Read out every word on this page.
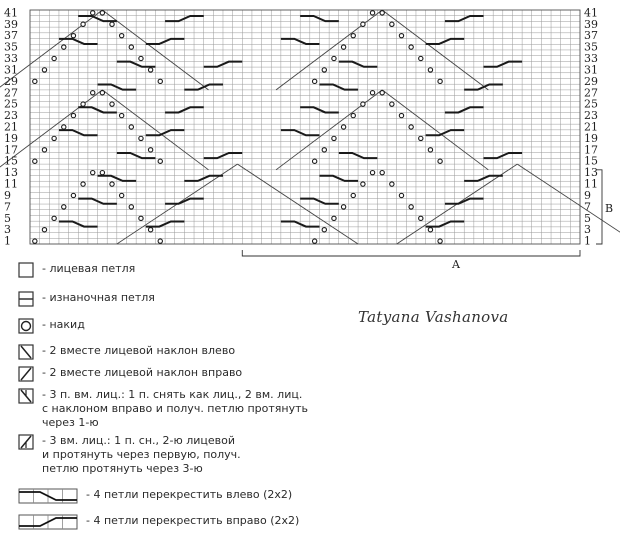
41
41
39
39
37
37
35
35
33
33
31
31
29
29
27
27
25
25
23
23
21
21
19
19
17
17
15
15
13
13
11
11
9
9
7
7
5
5
3
3
1
1
A
B
- лицевая петля
- изнаночная петля
- накид
- 2 вместе лицевой наклон влево
- 2 вместе лицевой наклон вправо
- 3 п. вм. лиц.: 1 п. снять как лиц., 2 вм. лиц.
с наклоном вправо и получ. петлю протянуть
через 1-ю
- 3 вм. лиц.: 1 п. сн., 2-ю лицевой
и протянуть через первую, получ.
петлю протянуть через 3-ю
- 4 петли перекрестить влево (2х2)
- 4 петли перекрестить вправо (2х2)
Tatyana Vashanova
